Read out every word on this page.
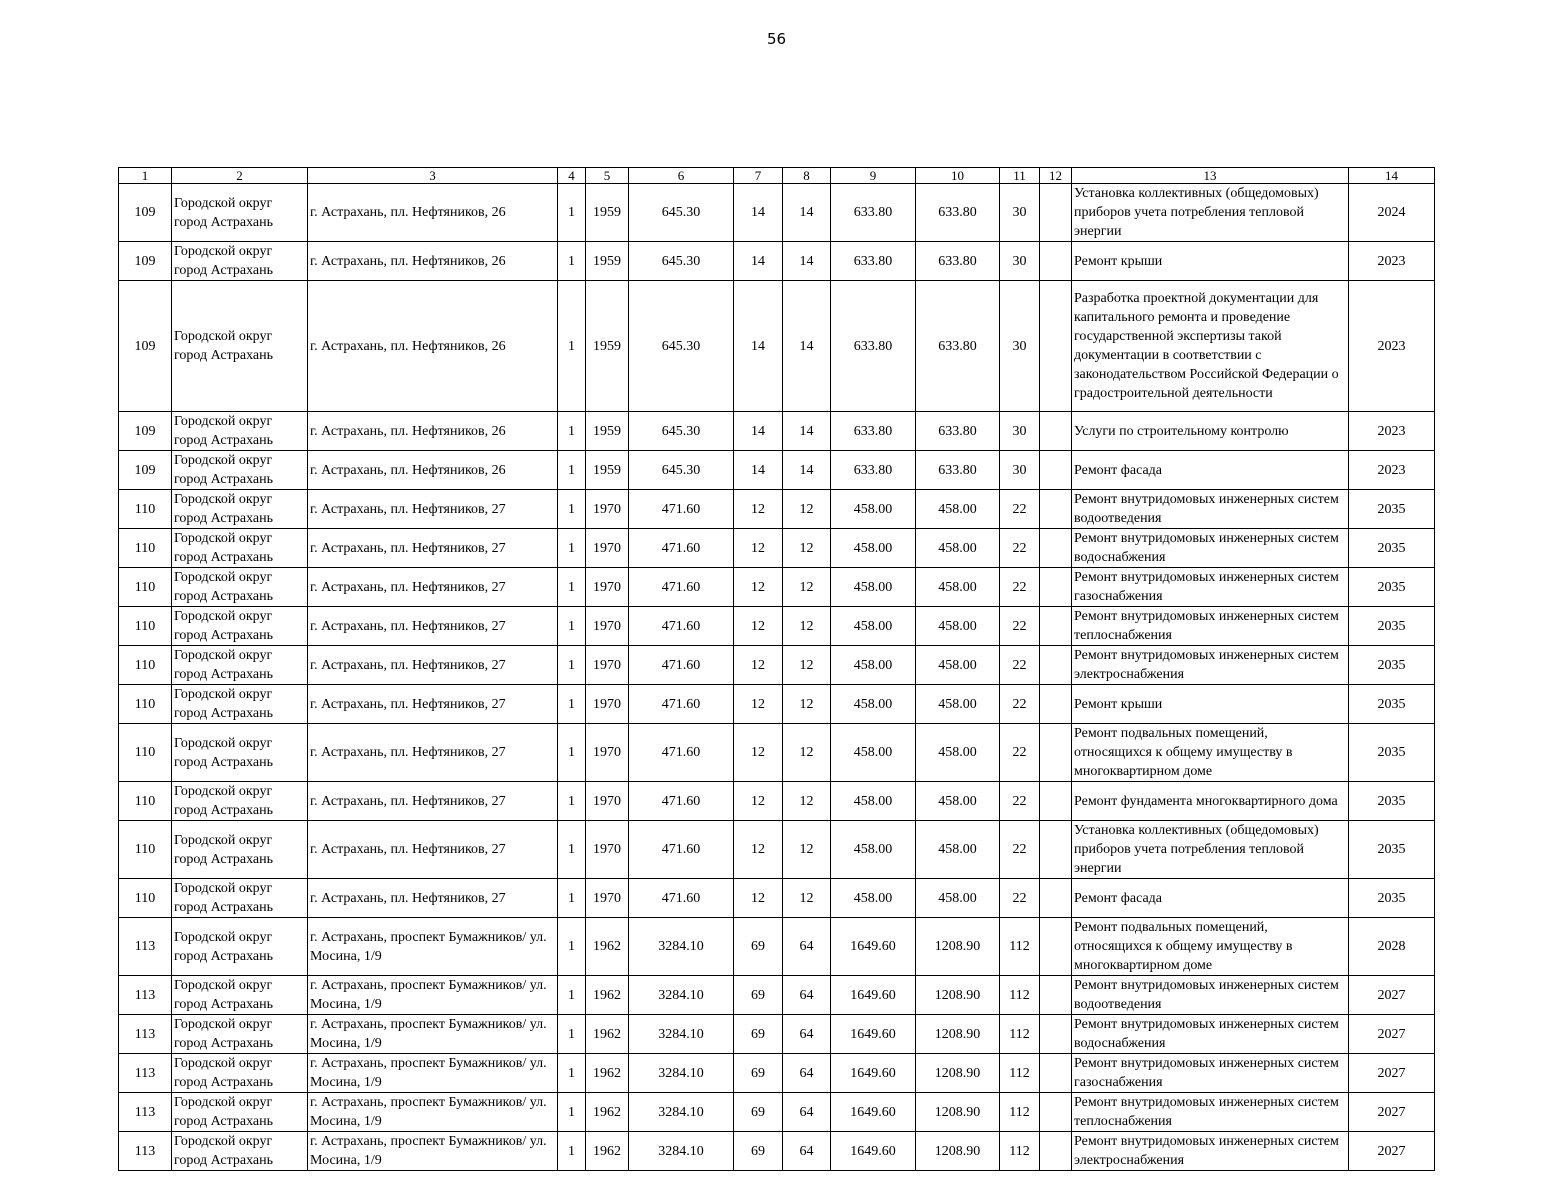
56
1	2	3	4	5	6	7	8	9	10	11	12	13	14
109	Городской округ город Астрахань	г. Астрахань, пл. Нефтяников, 26	1	1959	645.30	14	14	633.80	633.80	30		Установка коллективных (общедомовых) приборов учета потребления тепловой энергии	2024
109	Городской округ город Астрахань	г. Астрахань, пл. Нефтяников, 26	1	1959	645.30	14	14	633.80	633.80	30		Ремонт крыши	2023
109	Городской округ город Астрахань	г. Астрахань, пл. Нефтяников, 26	1	1959	645.30	14	14	633.80	633.80	30		Разработка проектной документации для капитального ремонта и проведение государственной экспертизы такой документации в соответствии с законодательством Российской Федерации о градостроительной деятельности	2023
109	Городской округ город Астрахань	г. Астрахань, пл. Нефтяников, 26	1	1959	645.30	14	14	633.80	633.80	30		Услуги по строительному контролю	2023
109	Городской округ город Астрахань	г. Астрахань, пл. Нефтяников, 26	1	1959	645.30	14	14	633.80	633.80	30		Ремонт фасада	2023
110	Городской округ город Астрахань	г. Астрахань, пл. Нефтяников, 27	1	1970	471.60	12	12	458.00	458.00	22		Ремонт внутридомовых инженерных систем водоотведения	2035
110	Городской округ город Астрахань	г. Астрахань, пл. Нефтяников, 27	1	1970	471.60	12	12	458.00	458.00	22		Ремонт внутридомовых инженерных систем водоснабжения	2035
110	Городской округ город Астрахань	г. Астрахань, пл. Нефтяников, 27	1	1970	471.60	12	12	458.00	458.00	22		Ремонт внутридомовых инженерных систем газоснабжения	2035
110	Городской округ город Астрахань	г. Астрахань, пл. Нефтяников, 27	1	1970	471.60	12	12	458.00	458.00	22		Ремонт внутридомовых инженерных систем теплоснабжения	2035
110	Городской округ город Астрахань	г. Астрахань, пл. Нефтяников, 27	1	1970	471.60	12	12	458.00	458.00	22		Ремонт внутридомовых инженерных систем электроснабжения	2035
110	Городской округ город Астрахань	г. Астрахань, пл. Нефтяников, 27	1	1970	471.60	12	12	458.00	458.00	22		Ремонт крыши	2035
110	Городской округ город Астрахань	г. Астрахань, пл. Нефтяников, 27	1	1970	471.60	12	12	458.00	458.00	22		Ремонт подвальных помещений, относящихся к общему имуществу в многоквартирном доме	2035
110	Городской округ город Астрахань	г. Астрахань, пл. Нефтяников, 27	1	1970	471.60	12	12	458.00	458.00	22		Ремонт фундамента многоквартирного дома	2035
110	Городской округ город Астрахань	г. Астрахань, пл. Нефтяников, 27	1	1970	471.60	12	12	458.00	458.00	22		Установка коллективных (общедомовых) приборов учета потребления тепловой энергии	2035
110	Городской округ город Астрахань	г. Астрахань, пл. Нефтяников, 27	1	1970	471.60	12	12	458.00	458.00	22		Ремонт фасада	2035
113	Городской округ город Астрахань	г. Астрахань, проспект Бумажников/ ул. Мосина, 1/9	1	1962	3284.10	69	64	1649.60	1208.90	112		Ремонт подвальных помещений, относящихся к общему имуществу в многоквартирном доме	2028
113	Городской округ город Астрахань	г. Астрахань, проспект Бумажников/ ул. Мосина, 1/9	1	1962	3284.10	69	64	1649.60	1208.90	112		Ремонт внутридомовых инженерных систем водоотведения	2027
113	Городской округ город Астрахань	г. Астрахань, проспект Бумажников/ ул. Мосина, 1/9	1	1962	3284.10	69	64	1649.60	1208.90	112		Ремонт внутридомовых инженерных систем водоснабжения	2027
113	Городской округ город Астрахань	г. Астрахань, проспект Бумажников/ ул. Мосина, 1/9	1	1962	3284.10	69	64	1649.60	1208.90	112		Ремонт внутридомовых инженерных систем газоснабжения	2027
113	Городской округ город Астрахань	г. Астрахань, проспект Бумажников/ ул. Мосина, 1/9	1	1962	3284.10	69	64	1649.60	1208.90	112		Ремонт внутридомовых инженерных систем теплоснабжения	2027
113	Городской округ город Астрахань	г. Астрахань, проспект Бумажников/ ул. Мосина, 1/9	1	1962	3284.10	69	64	1649.60	1208.90	112		Ремонт внутридомовых инженерных систем электроснабжения	2027
